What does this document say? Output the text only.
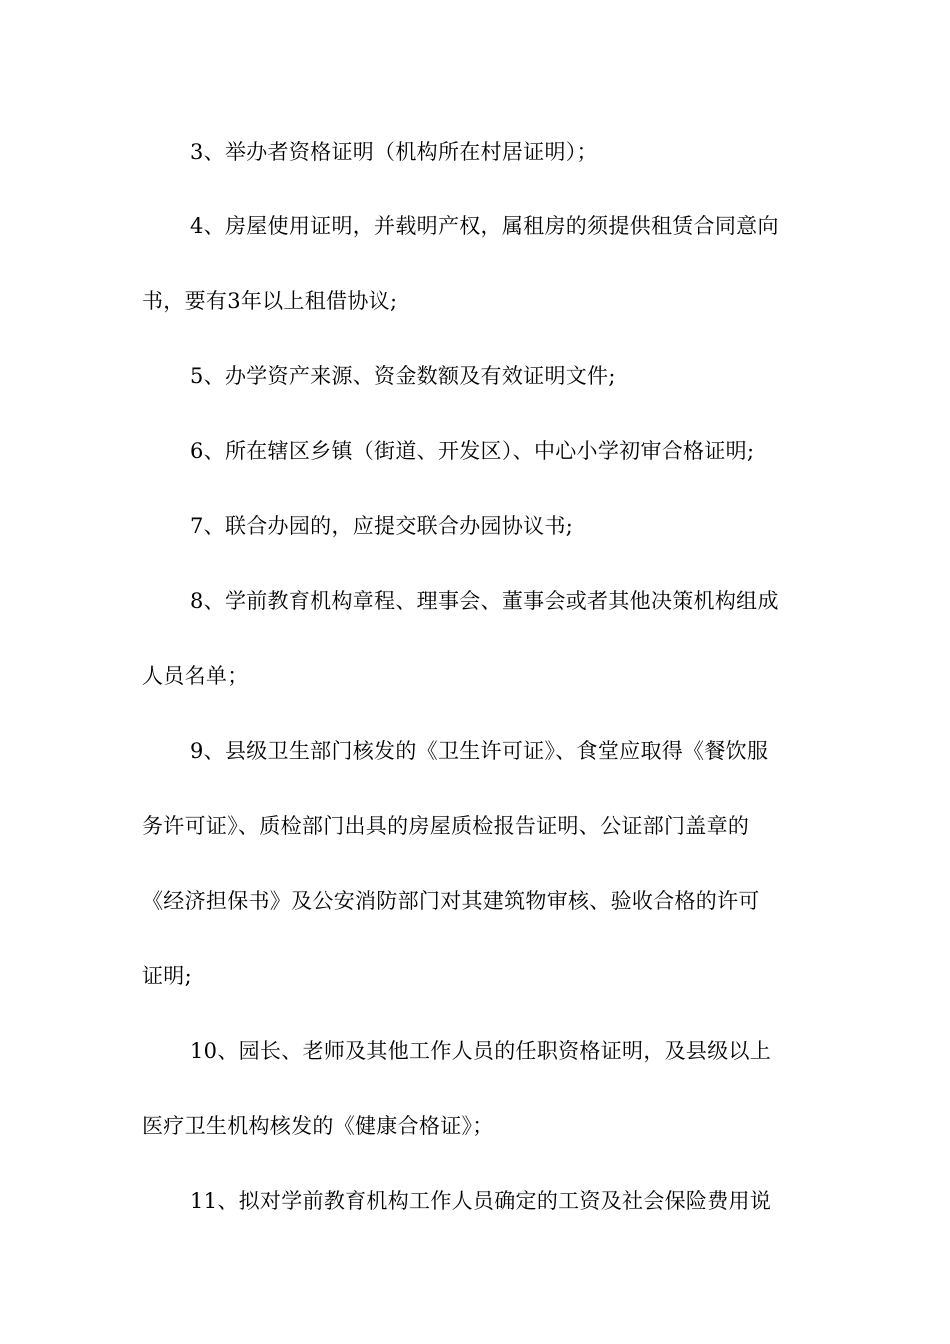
3、举办者资格证明（机构所在村居证明）；
4、房屋使用证明，并载明产权，属租房的须提供租赁合同意向
书，要有3年以上租借协议;
5、办学资产来源、资金数额及有效证明文件;
6、所在辖区乡镇（街道、开发区）、中心小学初审合格证明;
7、联合办园的，应提交联合办园协议书;
8、学前教育机构章程、理事会、董事会或者其他决策机构组成
人员名单；
9、县级卫生部门核发的《卫生许可证》、食堂应取得《餐饮服
务许可证》、质检部门出具的房屋质检报告证明、公证部门盖章的
《经济担保书》及公安消防部门对其建筑物审核、验收合格的许可
证明;
10、园长、老师及其他工作人员的任职资格证明，及县级以上
医疗卫生机构核发的《健康合格证》；
11、拟对学前教育机构工作人员确定的工资及社会保险费用说
